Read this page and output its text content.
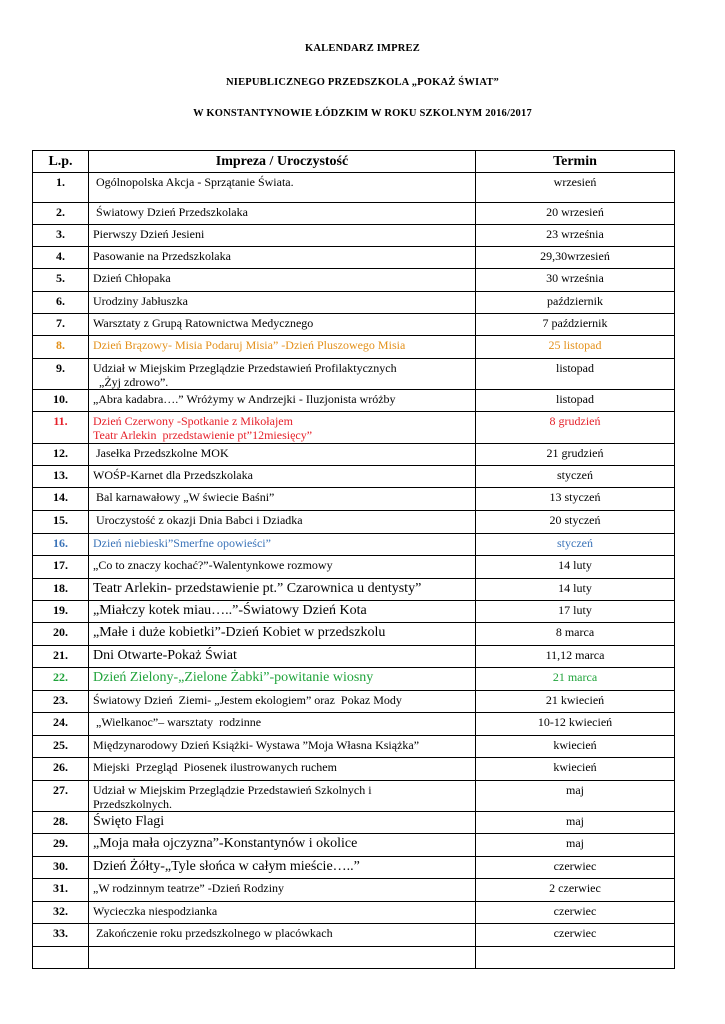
KALENDARZ IMPREZ
NIEPUBLICZNEGO PRZEDSZKOLA „POKAŻ ŚWIAT”
W KONSTANTYNOWIE ŁÓDZKIM W ROKU SZKOLNYM 2016/2017
L.p.	Impreza / Uroczystość	Termin
1.	Ogólnopolska Akcja - Sprzątanie Świata.	wrzesień
2.	Światowy Dzień Przedszkolaka	20 wrzesień
3.	Pierwszy Dzień Jesieni	23 września
4.	Pasowanie na Przedszkolaka	29,30wrzesień
5.	Dzień Chłopaka	30 września
6.	Urodziny Jabłuszka	październik
7.	Warsztaty z Grupą Ratownictwa Medycznego	7 październik
8.	Dzień Brązowy- Misia Podaruj Misia” -Dzień Pluszowego Misia	25 listopad
9.	Udział w Miejskim Przeglądzie Przedstawień Profilaktycznych
„Żyj zdrowo”.	listopad
10.	„Abra kadabra….” Wróżymy w Andrzejki - Iluzjonista wróżby	listopad
11.	Dzień Czerwony -Spotkanie z Mikołajem
Teatr Arlekin  przedstawienie pt”12miesięcy”	8 grudzień
12.	Jasełka Przedszkolne MOK	21 grudzień
13.	WOŚP-Karnet dla Przedszkolaka	styczeń
14.	Bal karnawałowy „W świecie Baśni”	13 styczeń
15.	Uroczystość z okazji Dnia Babci i Dziadka	20 styczeń
16.	Dzień niebieski”Smerfne opowieści”	styczeń
17.	„Co to znaczy kochać?”-Walentynkowe rozmowy	14 luty
18.	Teatr Arlekin- przedstawienie pt.” Czarownica u dentysty”	14 luty
19.	„Miałczy kotek miau…..”-Światowy Dzień Kota	17 luty
20.	„Małe i duże kobietki”-Dzień Kobiet w przedszkolu	8 marca
21.	Dni Otwarte-Pokaż Świat	11,12 marca
22.	Dzień Zielony-„Zielone Żabki”-powitanie wiosny	21 marca
23.	Światowy Dzień  Ziemi- „Jestem ekologiem” oraz  Pokaz Mody	21 kwiecień
24.	„Wielkanoc”– warsztaty  rodzinne	10-12 kwiecień
25.	Międzynarodowy Dzień Książki- Wystawa ”Moja Własna Książka”	kwiecień
26.	Miejski  Przegląd  Piosenek ilustrowanych ruchem	kwiecień
27.	Udział w Miejskim Przeglądzie Przedstawień Szkolnych i
Przedszkolnych.	maj
28.	Święto Flagi	maj
29.	„Moja mała ojczyzna”-Konstantynów i okolice	maj
30.	Dzień Żółty-„Tyle słońca w całym mieście…..”	czerwiec
31.	„W rodzinnym teatrze” -Dzień Rodziny	2 czerwiec
32.	Wycieczka niespodzianka	czerwiec
33.	Zakończenie roku przedszkolnego w placówkach	czerwiec
